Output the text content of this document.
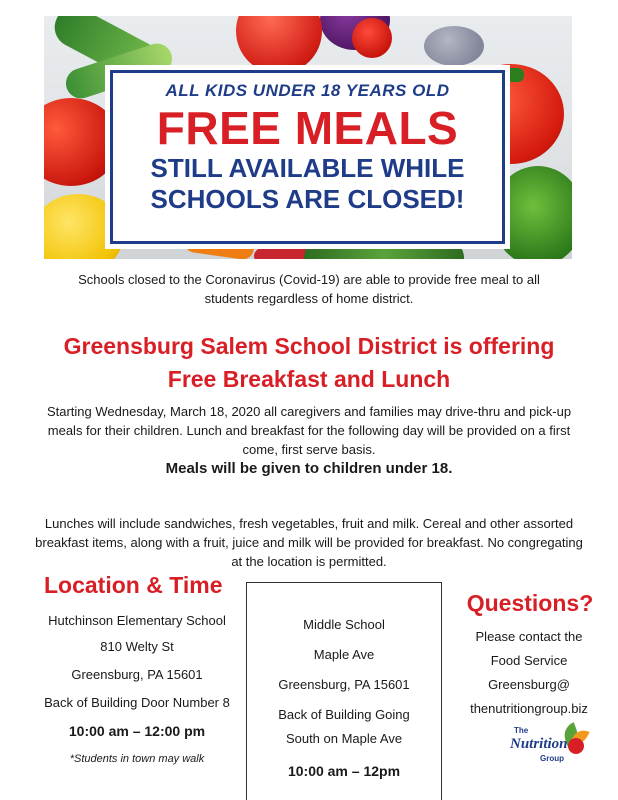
ALL KIDS UNDER 18 YEARS OLD
FREE MEALS
STILL AVAILABLE WHILE
SCHOOLS ARE CLOSED!
Schools closed to the Coronavirus (Covid-19) are able to provide free meal to all students regardless of home district.
Greensburg Salem School District is offering
Free Breakfast and Lunch
Starting Wednesday, March 18, 2020 all caregivers and families may drive-thru and pick-up meals for their children. Lunch and breakfast for the following day will be provided on a first come, first serve basis.
Meals will be given to children under 18.
Lunches will include sandwiches, fresh vegetables, fruit and milk. Cereal and other assorted breakfast items, along with a fruit, juice and milk will be provided for breakfast. No congregating at the location is permitted.
Location & Time
Hutchinson Elementary School
810 Welty St
Greensburg, PA 15601
Back of Building Door Number 8
10:00 am – 12:00 pm
*Students in town may walk
Middle School
Maple Ave
Greensburg, PA 15601
Back of Building Going
South on Maple Ave
10:00 am – 12pm
Questions?
Please contact the
Food Service
Greensburg@
thenutritiongroup.biz
The
Nutrition
Group
